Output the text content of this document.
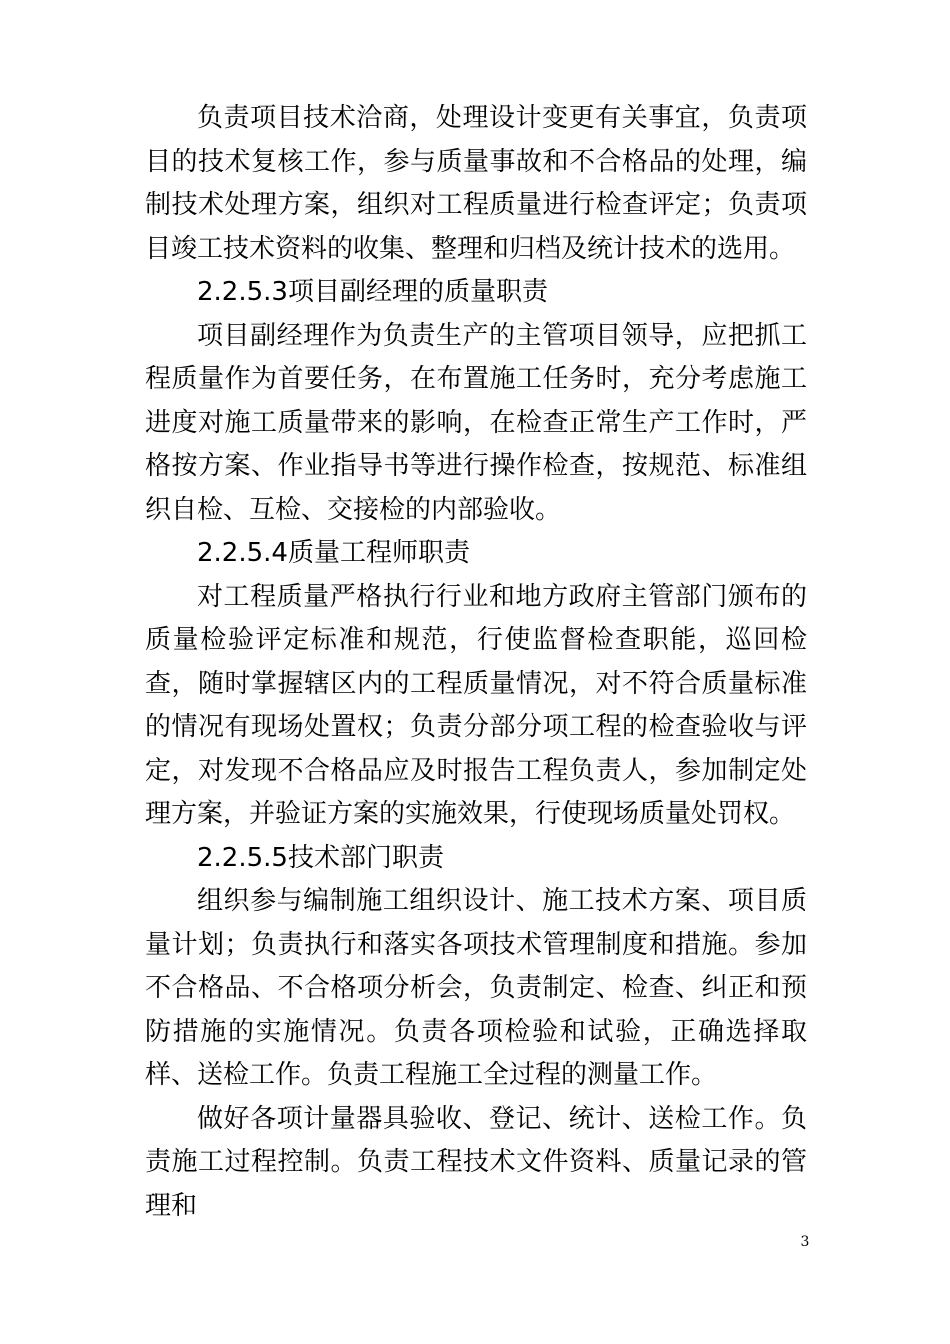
负责项目技术洽商，处理设计变更有关事宜，负责项目的技术复核工作，参与质量事故和不合格品的处理，编制技术处理方案，组织对工程质量进行检查评定；负责项目竣工技术资料的收集、整理和归档及统计技术的选用。

2.2.5.3项目副经理的质量职责

项目副经理作为负责生产的主管项目领导，应把抓工程质量作为首要任务，在布置施工任务时，充分考虑施工进度对施工质量带来的影响，在检查正常生产工作时，严格按方案、作业指导书等进行操作检查，按规范、标准组织自检、互检、交接检的内部验收。

2.2.5.4质量工程师职责

对工程质量严格执行行业和地方政府主管部门颁布的质量检验评定标准和规范，行使监督检查职能，巡回检查，随时掌握辖区内的工程质量情况，对不符合质量标准的情况有现场处置权；负责分部分项工程的检查验收与评定，对发现不合格品应及时报告工程负责人，参加制定处理方案，并验证方案的实施效果，行使现场质量处罚权。

2.2.5.5技术部门职责

组织参与编制施工组织设计、施工技术方案、项目质量计划；负责执行和落实各项技术管理制度和措施。参加不合格品、不合格项分析会，负责制定、检查、纠正和预防措施的实施情况。负责各项检验和试验，正确选择取样、送检工作。负责工程施工全过程的测量工作。

做好各项计量器具验收、登记、统计、送检工作。负责施工过程控制。负责工程技术文件资料、质量记录的管理和

3
